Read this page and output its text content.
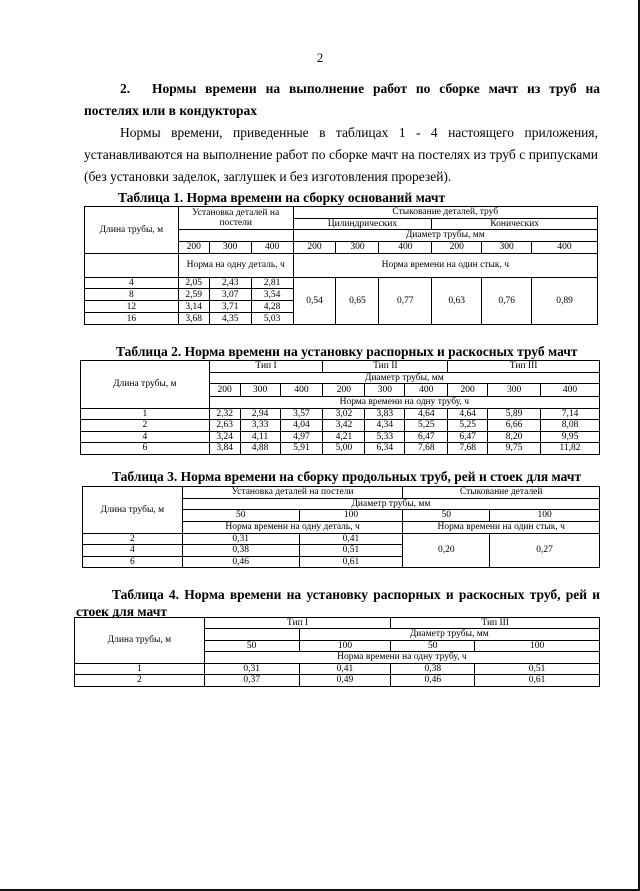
2
2. Нормы времени на выполнение работ по сборке мачт из труб на постелях или в кондукторах
Нормы времени, приведенные в таблицах 1 - 4 настоящего приложения, устанавливаются на выполнение работ по сборке мачт на постелях из труб с припусками (без установки заделок, заглушек и без изготовления прорезей).
Таблица 1. Норма времени на сборку оснований мачт
Длина трубы, м	Установка деталей на постели			Стыкование деталей, труб					
				Цилиндрических			Конических		
				Диаметр трубы, мм					
	200	300	400	200	300	400	200	300	400
	Норма на одну деталь, ч			Норма времени на один стык, ч					
4	2,05	2,43	2,81	0,54	0,65	0,77	0,63	0,76	0,89
8	2,59	3,07	3,54						
12	3,14	3,71	4,28						
16	3,68	4,35	5,03						
Таблица 2. Норма времени на установку распорных и раскосных труб мачт
Длина трубы, м	Тип I			Тип II			Тип III		
	Диаметр трубы, мм								
	200	300	400	200	300	400	200	300	400
	Норма времени на одну трубу, ч								
1	2,32	2,94	3,57	3,02	3,83	4,64	4,64	5,89	7,14
2	2,63	3,33	4,04	3,42	4,34	5,25	5,25	6,66	8,08
4	3,24	4,11	4,97	4,21	5,33	6,47	6,47	8,20	9,95
6	3,84	4,88	5,91	5,00	6,34	7,68	7,68	9,75	11,82
Таблица 3. Норма времени на сборку продольных труб, рей и стоек для мачт
Длина трубы, м	Установка деталей на постели		Стыкование деталей	
	Диаметр трубы, мм			
	50	100	50	100
	Норма времени на одну деталь, ч		Норма времени на один стык, ч	
2	0,31	0,41	0,20	0,27
4	0,38	0,51		
6	0,46	0,61		
Таблица 4. Норма времени на установку распорных и раскосных труб, рей и стоек для мачт
Длина трубы, м	Тип I		Тип III	
		Диаметр трубы, мм		
	50	100	50	100
	Норма времени на одну трубу, ч			
1	0,31	0,41	0,38	0,51
2	0,37	0,49	0,46	0,61
